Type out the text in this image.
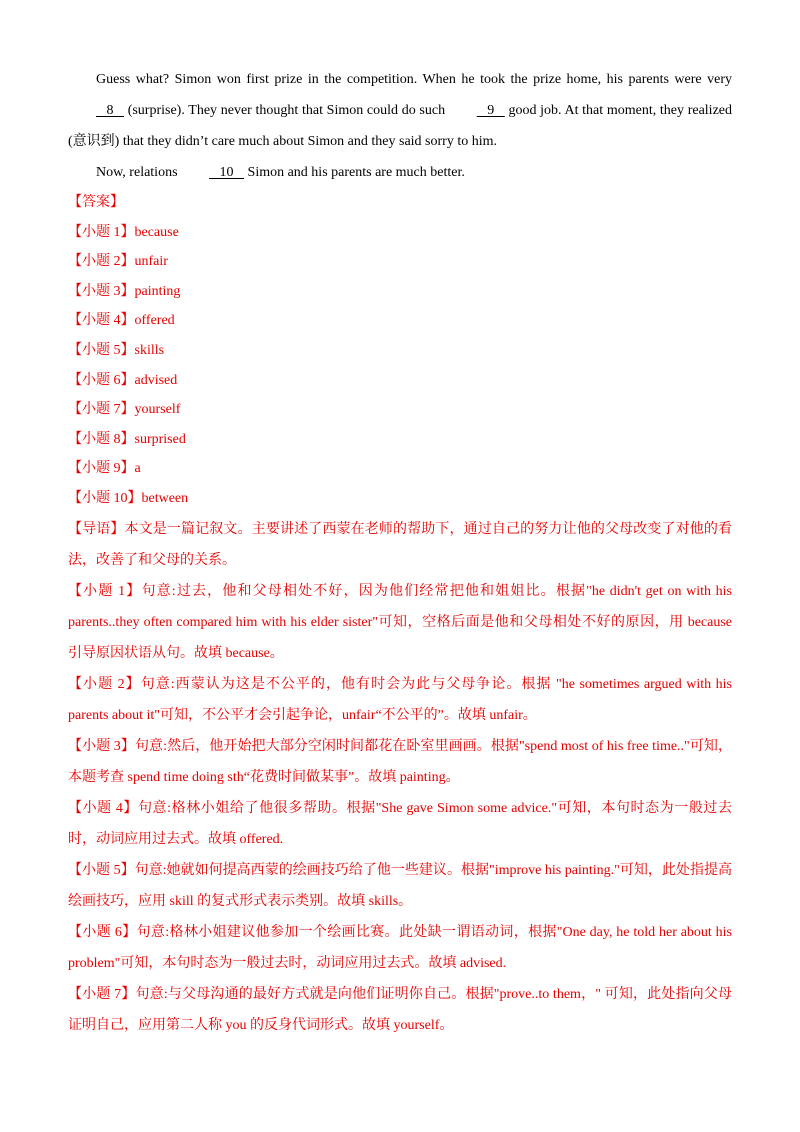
Guess what? Simon won first prize in the competition. When he took the prize home, his parents were very    8    (surprise). They never thought that Simon could do such    9    good job. At that moment, they realized (意识到) that they didn’t care much about Simon and they said sorry to him.

Now, relations    10    Simon and his parents are much better.

【答案】

【小题 1】because

【小题 2】unfair

【小题 3】painting

【小题 4】offered

【小题 5】skills

【小题 6】advised

【小题 7】yourself

【小题 8】surprised

【小题 9】a

【小题 10】between

【导语】本文是一篇记叙文。主要讲述了西蒙在老师的帮助下，通过自己的努力让他的父母改变了对他的看法，改善了和父母的关系。

【小题 1】句意:过去，他和父母相处不好，因为他们经常把他和姐姐比。根据"he didn't get on with his parents..they often compared him with his elder sister"可知，空格后面是他和父母相处不好的原因，用 because 引导原因状语从句。故填 because。

【小题 2】句意:西蒙认为这是不公平的，他有时会为此与父母争论。根据 "he sometimes argued with his parents about it"可知，不公平才会引起争论，unfair“不公平的”。故填 unfair。

【小题 3】句意:然后，他开始把大部分空闲时间都花在卧室里画画。根据"spend most of his free time.."可知，本题考查 spend time doing sth“花费时间做某事”。故填 painting。

【小题 4】句意:格林小姐给了他很多帮助。根据"She gave Simon some advice."可知，本句时态为一般过去时，动词应用过去式。故填 offered.

【小题 5】句意:她就如何提高西蒙的绘画技巧给了他一些建议。根据"improve his painting."可知，此处指提高绘画技巧，应用 skill 的复式形式表示类别。故填 skills。

【小题 6】句意:格林小姐建议他参加一个绘画比赛。此处缺一谓语动词，根据"One day, he told her about his problem"可知，本句时态为一般过去时，动词应用过去式。故填 advised.

【小题 7】句意:与父母沟通的最好方式就是向他们证明你自己。根据"prove..to them，" 可知，此处指向父母证明自己，应用第二人称 you 的反身代词形式。故填 yourself。
